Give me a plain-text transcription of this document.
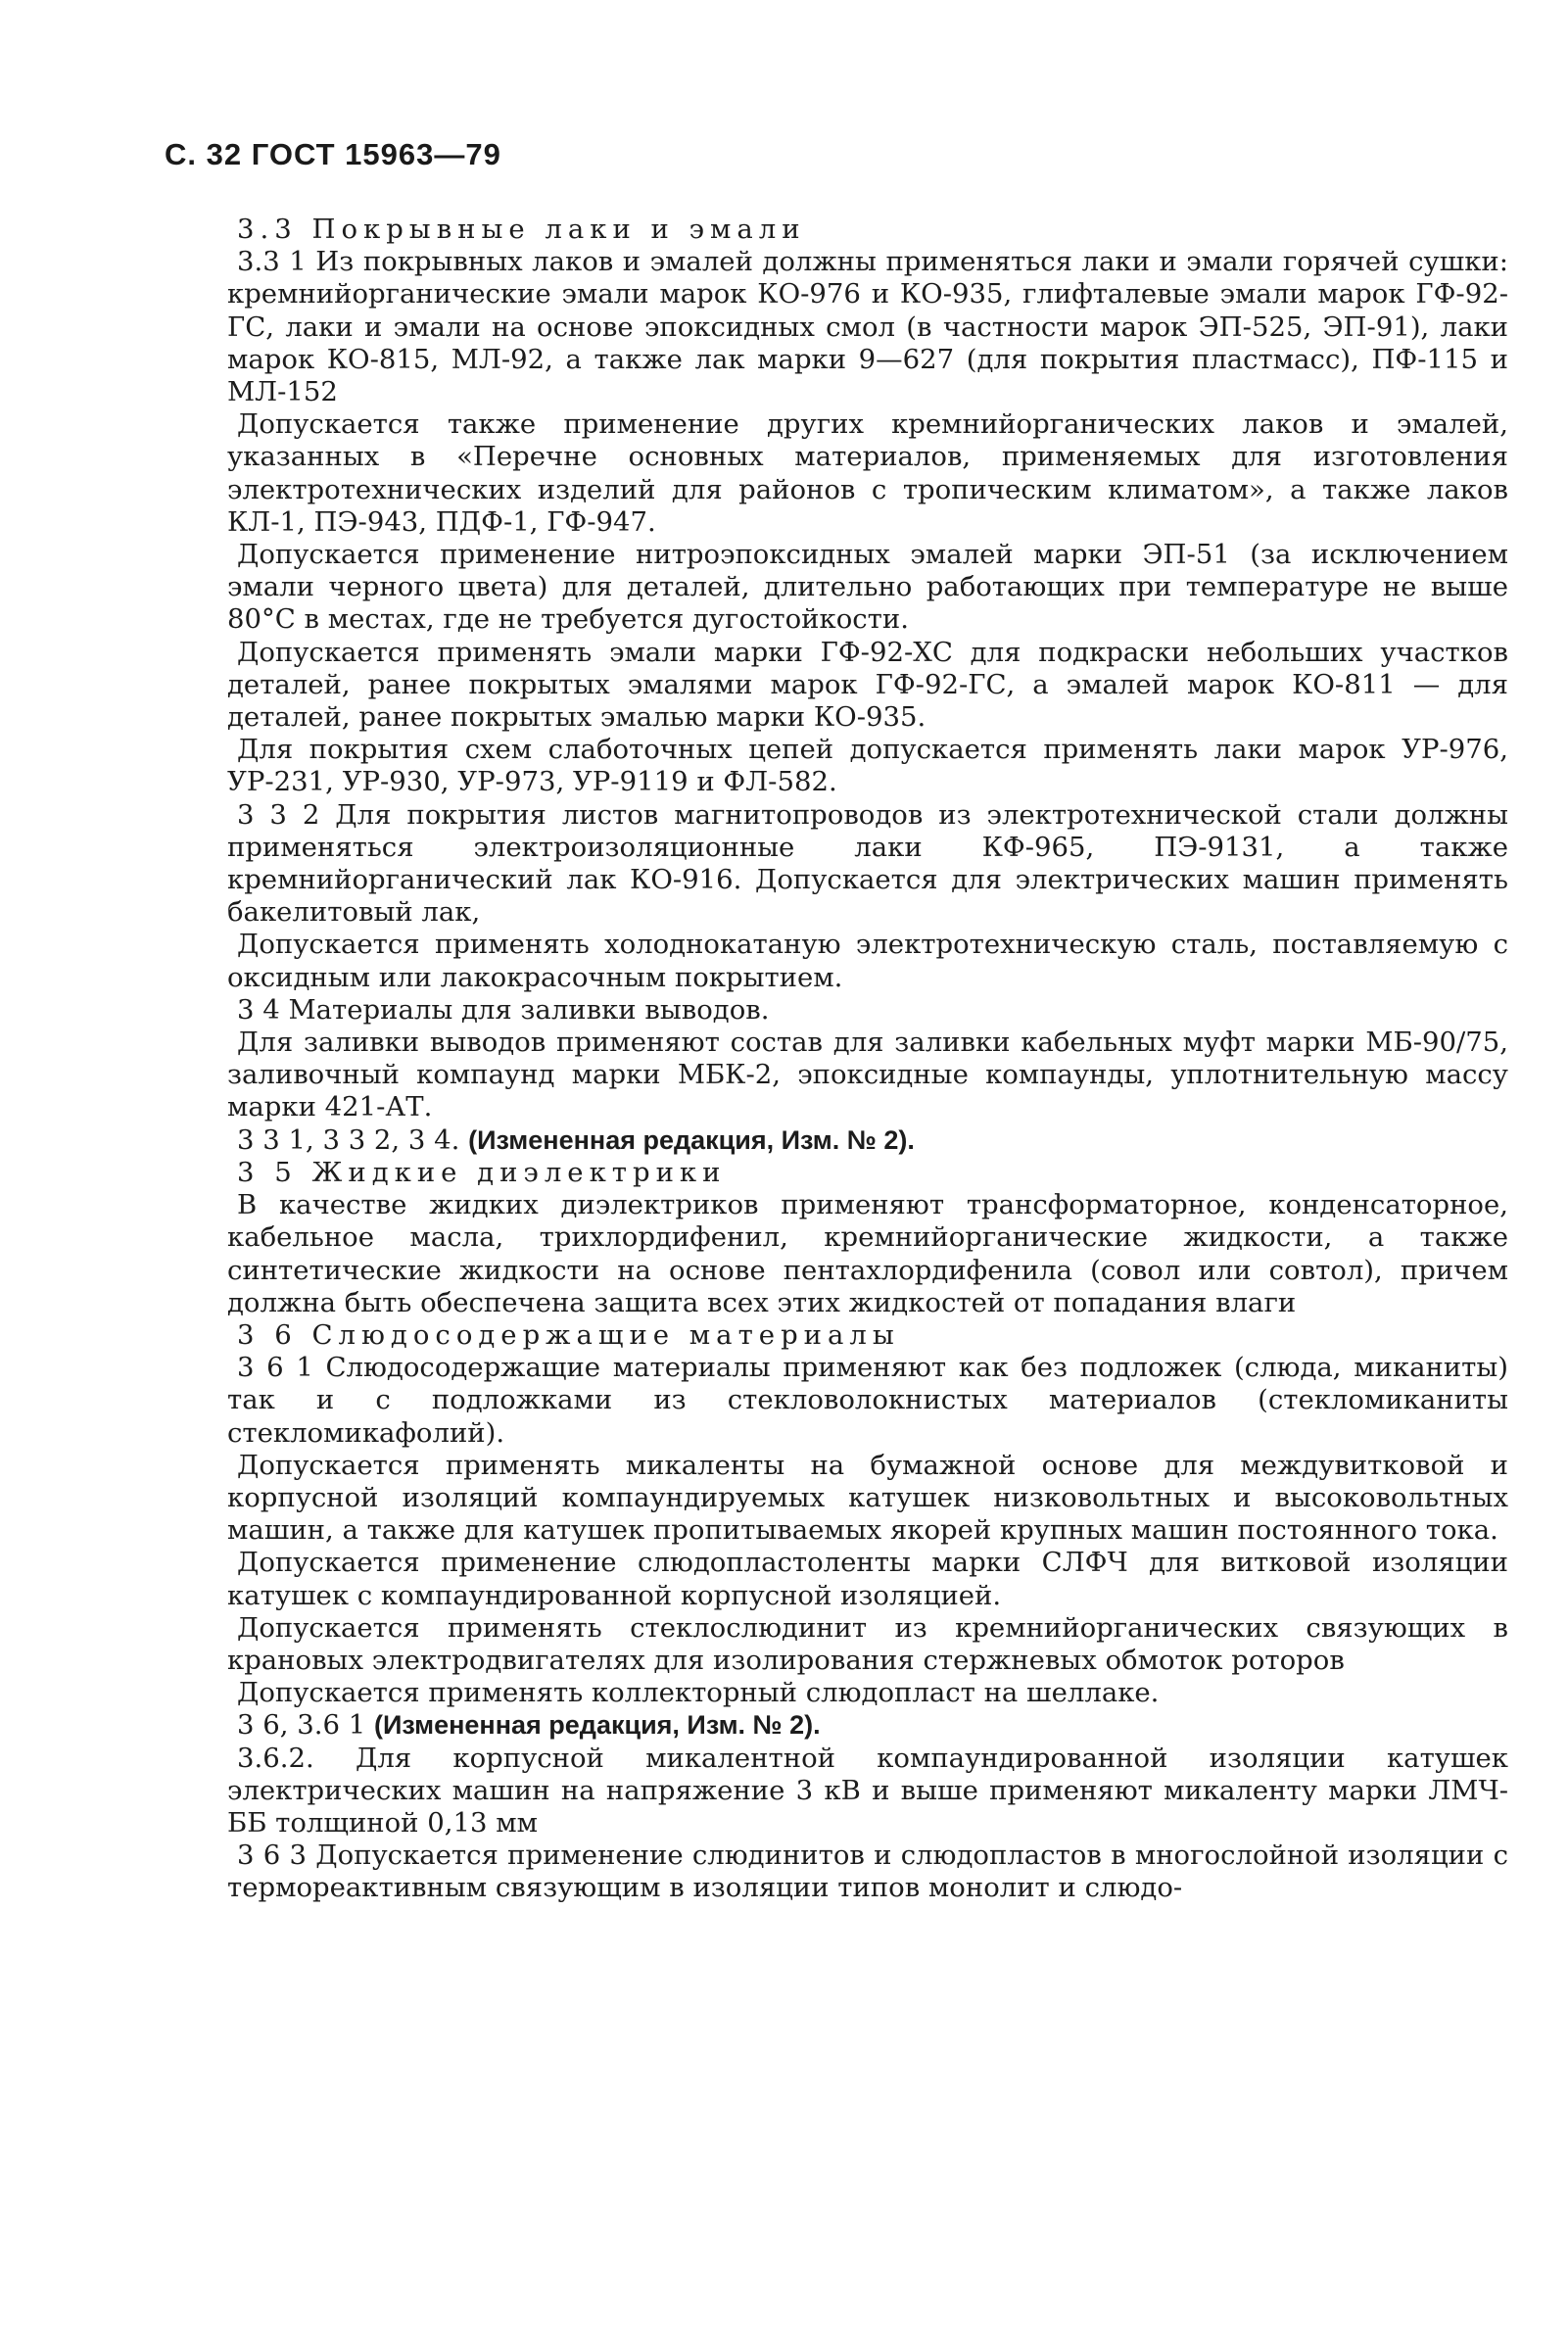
С. 32 ГОСТ 15963—79

3.3 Покрывные лаки и эмали

3.3 1 Из покрывных лаков и эмалей должны применяться лаки и эмали горячей сушки: кремнийорганические эмали марок КО-976 и КО-935, глифталевые эмали марок ГФ-92-ГС, лаки и эмали на основе эпоксидных смол (в частности марок ЭП-525, ЭП-91), лаки марок КО-815, МЛ-92, а также лак марки 9—627 (для покрытия пластмасс), ПФ-115 и МЛ-152

Допускается также применение других кремнийорганических лаков и эмалей, указанных в «Перечне основных материалов, применяемых для изготовления электротехнических изделий для районов с тропическим климатом», а также лаков КЛ-1, ПЭ-943, ПДФ-1, ГФ-947.

Допускается применение нитроэпоксидных эмалей марки ЭП-51 (за исключением эмали черного цвета) для деталей, длительно работающих при температуре не выше 80°С в местах, где не требуется дугостойкости.

Допускается применять эмали марки ГФ-92-ХС для подкраски небольших участков деталей, ранее покрытых эмалями марок ГФ-92-ГС, а эмалей марок КО-811 — для деталей, ранее покрытых эмалью марки КО-935.

Для покрытия схем слаботочных цепей допускается применять лаки марок УР-976, УР-231, УР-930, УР-973, УР-9119 и ФЛ-582.

3 3 2 Для покрытия листов магнитопроводов из электротехнической стали должны применяться электроизоляционные лаки КФ-965, ПЭ-9131, а также кремнийорганический лак КО-916. Допускается для электрических машин применять бакелитовый лак,

Допускается применять холоднокатаную электротехническую сталь, поставляемую с оксидным или лакокрасочным покрытием.

3 4 Материалы для заливки выводов.

Для заливки выводов применяют состав для заливки кабельных муфт марки МБ-90/75, заливочный компаунд марки МБК-2, эпоксидные компаунды, уплотнительную массу марки 421-АТ.

3 3 1, 3 3 2, 3 4. (Измененная редакция, Изм. № 2).

3 5 Жидкие диэлектрики

В качестве жидких диэлектриков применяют трансформаторное, конденсаторное, кабельное масла, трихлордифенил, кремнийорганические жидкости, а также синтетические жидкости на основе пентахлордифенила (совол или совтол), причем должна быть обеспечена защита всех этих жидкостей от попадания влаги

3 6 Слюдосодержащие материалы

3 6 1 Слюдосодержащие материалы применяют как без подложек (слюда, миканиты) так и с подложками из стекловолокнистых материалов (стекломиканиты стекломикафолий).

Допускается применять микаленты на бумажной основе для междувитковой и корпусной изоляций компаундируемых катушек низковольтных и высоковольтных машин, а также для катушек пропитываемых якорей крупных машин постоянного тока.

Допускается применение слюдопластоленты марки СЛФЧ для витковой изоляции катушек с компаундированной корпусной изоляцией.

Допускается применять стеклослюдинит из кремнийорганических связующих в крановых электродвигателях для изолирования стержневых обмоток роторов

Допускается применять коллекторный слюдопласт на шеллаке.

3 6, 3.6 1 (Измененная редакция, Изм. № 2).

3.6.2. Для корпусной микалентной компаундированной изоляции катушек электрических машин на напряжение 3 кВ и выше применяют микаленту марки ЛМЧ-ББ толщиной 0,13 мм

3 6 3 Допускается применение слюдинитов и слюдопластов в многослойной изоляции с термореактивным связующим в изоляции типов монолит и слюдо-
